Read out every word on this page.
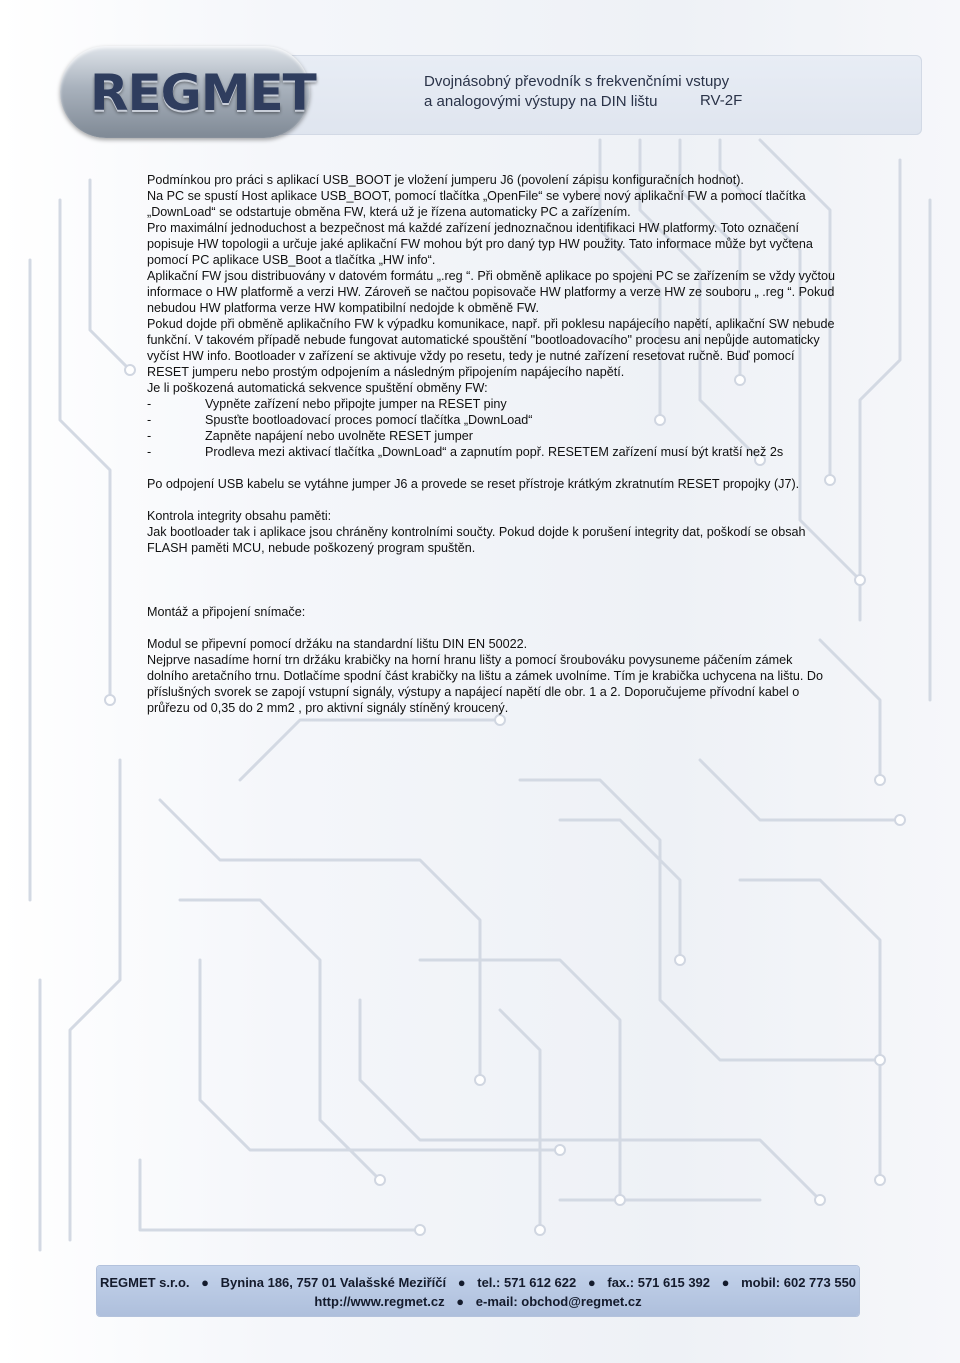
REGMET	Dvojnásobný převodník s frekvenčními vstupy
a analogovými výstupy na DIN lištu	RV-2F

Podmínkou pro práci s aplikací USB_BOOT je vložení jumperu J6 (povolení zápisu konfiguračních hodnot).

Na PC se spustí Host aplikace USB_BOOT, pomocí tlačítka „OpenFile“ se vybere nový aplikační FW a pomocí tlačítka „DownLoad“ se odstartuje obměna FW, která už je řízena automaticky PC a zařízením.

Pro maximální jednoduchost a bezpečnost má každé zařízení jednoznačnou identifikaci HW platformy. Toto označení popisuje HW topologii a určuje jaké aplikační FW mohou být pro daný typ HW použity. Tato informace může byt vyčtena pomocí PC aplikace USB_Boot a tlačítka „HW info“.

Aplikační FW jsou distribuovány v datovém formátu „.reg “. Při obměně aplikace po spojeni PC se zařízením se vždy vyčtou informace o HW platformě a verzi HW. Zároveň se načtou popisovače HW platformy a verze HW ze souboru „ .reg “. Pokud nebudou HW platforma verze HW kompatibilní nedojde k obměně FW.

Pokud dojde při obměně aplikačního FW k výpadku komunikace, např. při poklesu napájecího napětí, aplikační SW nebude funkční. V takovém případě nebude fungovat automatické spouštění "bootloadovacího" procesu ani nepůjde automaticky vyčíst HW info. Bootloader v zařízení se aktivuje vždy po resetu, tedy je nutné zařízení resetovat ručně. Buď pomocí RESET jumperu nebo prostým odpojením a následným připojením napájecího napětí.

Je li poškozená automatická sekvence spuštění obměny FW:

-	Vypněte zařízení nebo připojte jumper na RESET piny
-	Spusťte bootloadovací proces pomocí tlačítka „DownLoad“
-	Zapněte napájení nebo uvolněte RESET jumper
-	Prodleva mezi aktivací tlačítka „DownLoad“ a zapnutím popř. RESETEM zařízení musí být kratší než 2s

Po odpojení USB kabelu se vytáhne jumper J6 a provede se reset přístroje krátkým zkratnutím RESET propojky (J7).

Kontrola integrity obsahu paměti:

Jak bootloader tak i aplikace jsou chráněny kontrolními součty. Pokud dojde k porušení integrity dat, poškodí se obsah FLASH paměti MCU, nebude poškozený program spuštěn.

Montáž a připojení snímače:

Modul se připevní pomocí držáku na standardní lištu DIN EN 50022.

Nejprve nasadíme horní trn držáku krabičky na horní hranu lišty a pomocí šroubováku povysuneme páčením zámek dolního aretačního trnu. Dotlačíme spodní část krabičky na lištu a zámek uvolníme. Tím je krabička uchycena na lištu. Do příslušných svorek se zapojí vstupní signály, výstupy a napájecí napětí dle obr. 1 a 2. Doporučujeme přívodní kabel o průřezu od 0,35 do 2 mm2 , pro aktivní signály stíněný kroucený.

REGMET s.r.o. ● Bynina 186, 757 01 Valašské Meziříčí ● tel.: 571 612 622 ● fax.: 571 615 392 ● mobil: 602 773 550
http://www.regmet.cz ● e-mail: obchod@regmet.cz
